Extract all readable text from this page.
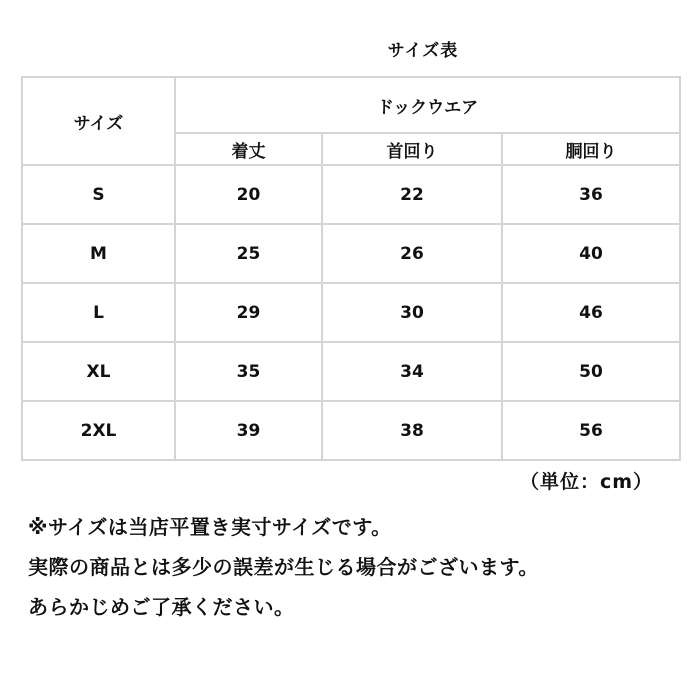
サイズ表
サイズ	ドックウエア		
	着丈	首回り	胴回り
S	20	22	36
M	25	26	40
L	29	30	46
XL	35	34	50
2XL	39	38	56
（単位：cm）
※サイズは当店平置き実寸サイズです。
実際の商品とは多少の誤差が生じる場合がございます。
あらかじめご了承ください。
